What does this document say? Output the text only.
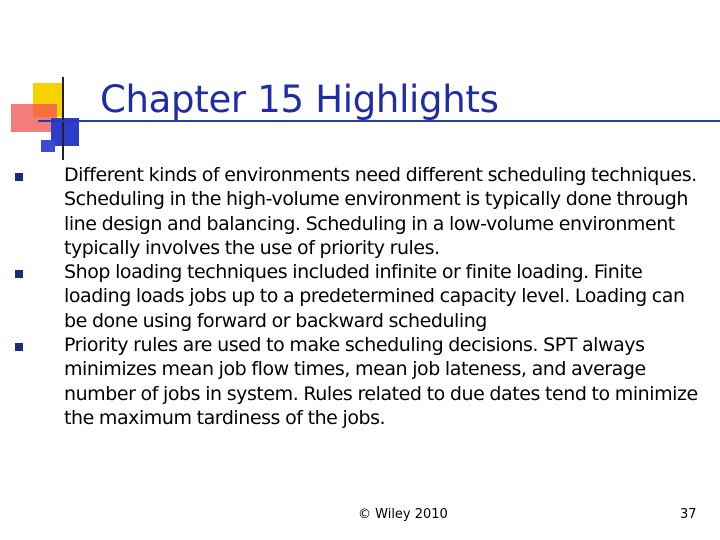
Chapter 15 Highlights
Different kinds of environments need different scheduling techniques. Scheduling in the high-volume environment is typically done through line design and balancing. Scheduling in a low-volume environment typically involves the use of priority rules.
Shop loading techniques included infinite or finite loading. Finite loading loads jobs up to a predetermined capacity level. Loading can be done using forward or backward scheduling
Priority rules are used to make scheduling decisions. SPT always minimizes mean job flow times, mean job lateness, and average number of jobs in system. Rules related to due dates tend to minimize the maximum tardiness of the jobs.
© Wiley 2010	37
